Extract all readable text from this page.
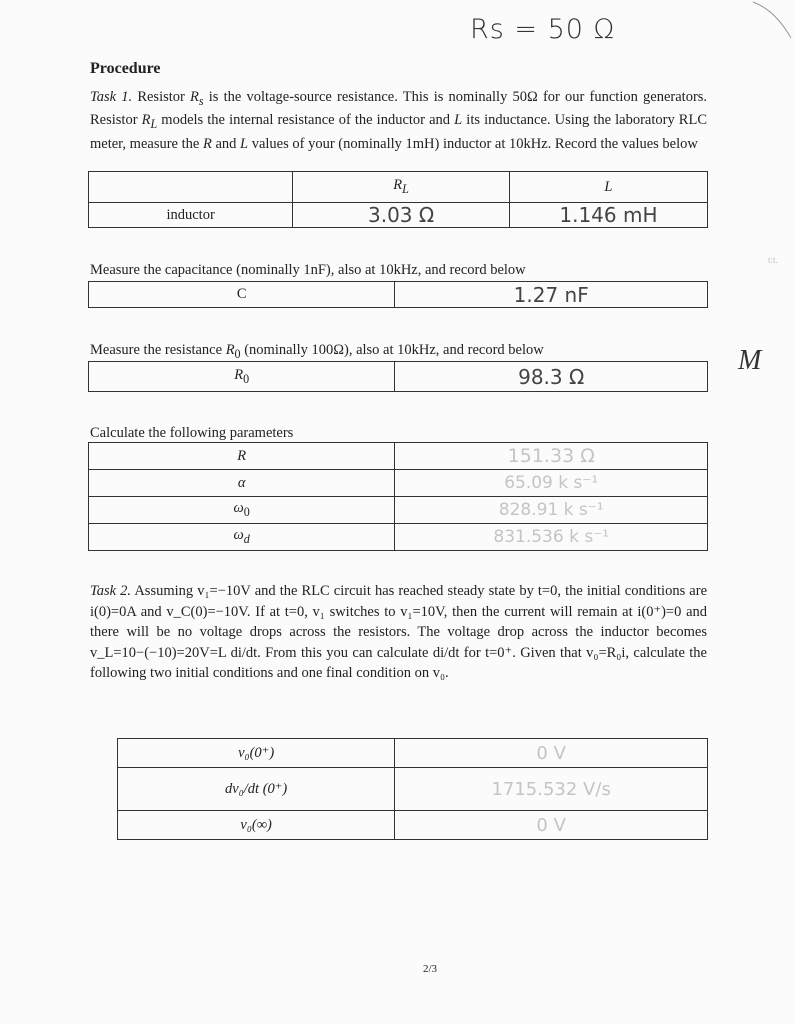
Rs = 50 Ω
t:t.
M
Procedure

Task 1. Resistor $R_s$ is the voltage-source resistance. This is nominally 50Ω for our function generators. Resistor $R_L$ models the internal resistance of the inductor and L its inductance. Using the laboratory RLC meter, measure the R and L values of your (nominally 1mH) inductor at 10kHz. Record the values below

	$R_L$	L
inductor	3.03 Ω	1.146 mH
Measure the capacitance (nominally 1nF), also at 10kHz, and record below
C	1.27 nF
Measure the resistance $R_0$ (nominally 100Ω), also at 10kHz, and record below
$R_0$	98.3 Ω
Calculate the following parameters
R	151.33 Ω
α	65.09 k s⁻¹
$\omega_0$	828.91 k s⁻¹
$\omega_d$	831.536 k s⁻¹

Task 2. Assuming v₁=−10V and the RLC circuit has reached steady state by t=0, the initial conditions are i(0)=0A and v_C(0)=−10V. If at t=0, v₁ switches to v₁=10V, then the current will remain at i(0⁺)=0 and there will be no voltage drops across the resistors. The voltage drop across the inductor becomes v_L=10−(−10)=20V=L di/dt. From this you can calculate di/dt for t=0⁺. Given that v₀=R₀i, calculate the following two initial conditions and one final condition on v₀.

v₀(0⁺)	0 V
dv₀/dt (0⁺)	1715.532 V/s
v₀(∞)	0 V
2/3
